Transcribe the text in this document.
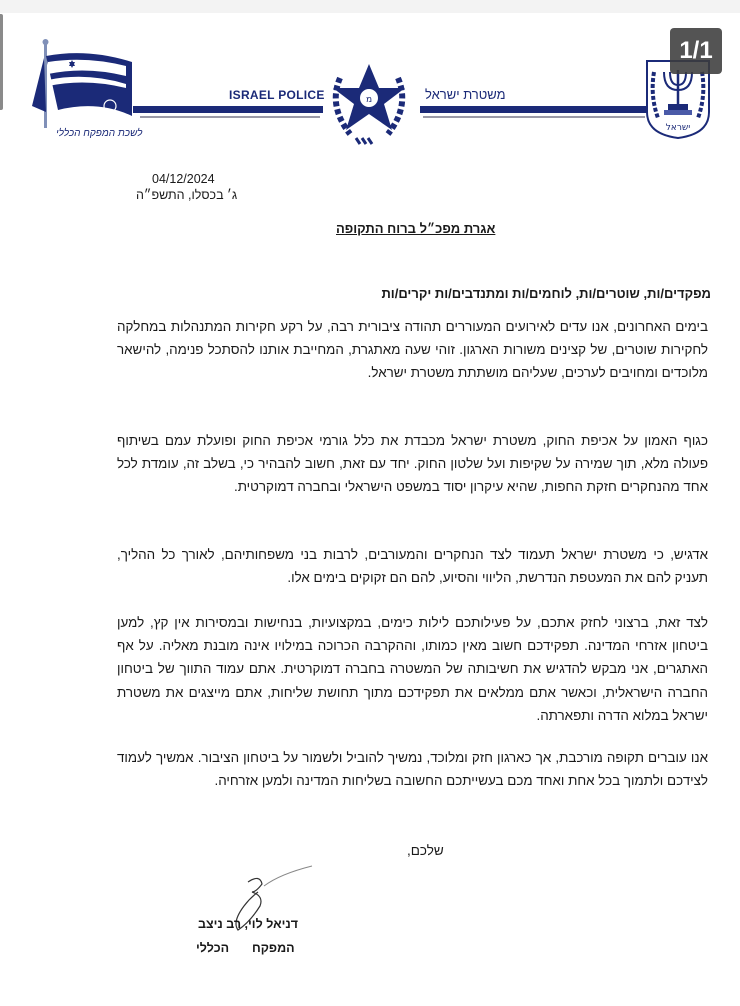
לשכת המפקח הכללי
ISRAEL POLICE	מ	משטרת ישראל
ישראל
1/1
04/12/2024
ג׳ בכסלו, התשפ״ה
אגרת מפכ״ל ברוח התקופה
מפקדים/ות, שוטרים/ות, לוחמים/ות ומתנדבים/ות יקרים/ות
בימים האחרונים, אנו עדים לאירועים המעוררים תהודה ציבורית רבה, על רקע חקירות המתנהלות במחלקה לחקירות שוטרים, של קצינים משורות הארגון. זוהי שעה מאתגרת, המחייבת אותנו להסתכל פנימה, להישאר מלוכדים ומחויבים לערכים, שעליהם מושתתת משטרת ישראל.
כגוף האמון על אכיפת החוק, משטרת ישראל מכבדת את כלל גורמי אכיפת החוק ופועלת עמם בשיתוף פעולה מלא, תוך שמירה על שקיפות ועל שלטון החוק. יחד עם זאת, חשוב להבהיר כי, בשלב זה, עומדת לכל אחד מהנחקרים חזקת החפות, שהיא עיקרון יסוד במשפט הישראלי ובחברה דמוקרטית.
אדגיש, כי משטרת ישראל תעמוד לצד הנחקרים והמעורבים, לרבות בני משפחותיהם, לאורך כל ההליך, תעניק להם את המעטפת הנדרשת, הליווי והסיוע, להם הם זקוקים בימים אלו.
לצד זאת, ברצוני לחזק אתכם, על פעילותכם לילות כימים, במקצועיות, בנחישות ובמסירות אין קץ, למען ביטחון אזרחי המדינה. תפקידכם חשוב מאין כמותו, וההקרבה הכרוכה במילויו אינה מובנת מאליה. על אף האתגרים, אני מבקש להדגיש את חשיבותה של המשטרה בחברה דמוקרטית. אתם עמוד התווך של ביטחון החברה הישראלית, וכאשר אתם ממלאים את תפקידכם מתוך תחושת שליחות, אתם מייצגים את משטרת ישראל במלוא הדרה ותפארתה.
אנו עוברים תקופה מורכבת, אך כארגון חזק ומלוכד, נמשיך להוביל ולשמור על ביטחון הציבור. אמשיך לעמוד לצידכם ולתמוך בכל אחת ואחד מכם בעשייתכם החשובה בשליחות המדינה ולמען אזרחיה.
שלכם,
דניאל לוי, רב ניצב
המפקח
הכללי
